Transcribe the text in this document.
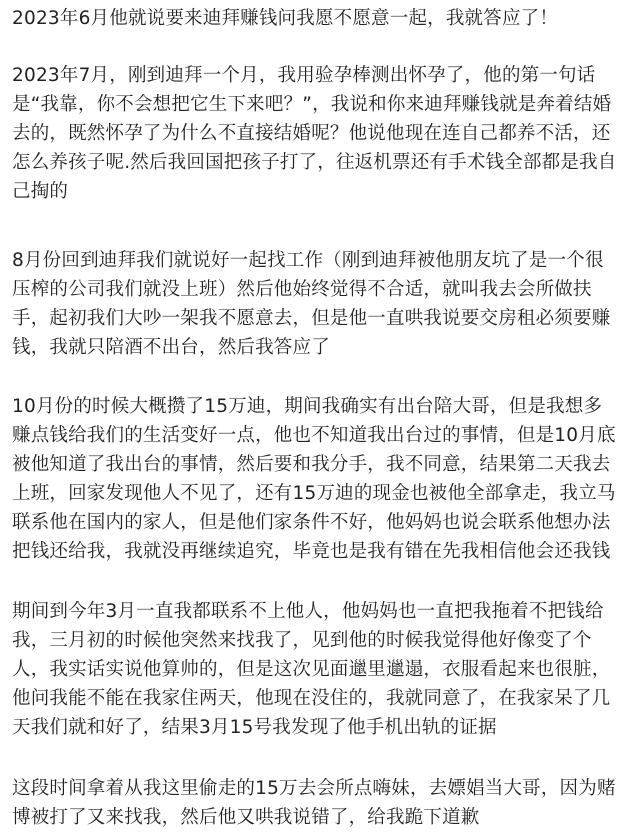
2023年6月他就说要来迪拜赚钱问我愿不愿意一起，我就答应了！
2023年7月，刚到迪拜一个月，我用验孕棒测出怀孕了，他的第一句话
是“我靠，你不会想把它生下来吧？”，我说和你来迪拜赚钱就是奔着结婚
去的，既然怀孕了为什么不直接结婚呢？他说他现在连自己都养不活，还
怎么养孩子呢.然后我回国把孩子打了，往返机票还有手术钱全部都是我自
己掏的
8月份回到迪拜我们就说好一起找工作（刚到迪拜被他朋友坑了是一个很
压榨的公司我们就没上班）然后他始终觉得不合适，就叫我去会所做扶
手，起初我们大吵一架我不愿意去，但是他一直哄我说要交房租必须要赚
钱，我就只陪酒不出台，然后我答应了
10月份的时候大概攒了15万迪，期间我确实有出台陪大哥，但是我想多
赚点钱给我们的生活变好一点，他也不知道我出台过的事情，但是10月底
被他知道了我出台的事情，然后要和我分手，我不同意，结果第二天我去
上班，回家发现他人不见了，还有15万迪的现金也被他全部拿走，我立马
联系他在国内的家人，但是他们家条件不好，他妈妈也说会联系他想办法
把钱还给我，我就没再继续追究，毕竟也是我有错在先我相信他会还我钱
期间到今年3月一直我都联系不上他人，他妈妈也一直把我拖着不把钱给
我，三月初的时候他突然来找我了，见到他的时候我觉得他好像变了个
人，我实话实说他算帅的，但是这次见面邋里邋遢，衣服看起来也很脏，
他问我能不能在我家住两天，他现在没住的，我就同意了，在我家呆了几
天我们就和好了，结果3月15号我发现了他手机出轨的证据
这段时间拿着从我这里偷走的15万去会所点嗨妹，去嫖娼当大哥，因为赌
博被打了又来找我，然后他又哄我说错了，给我跪下道歉
